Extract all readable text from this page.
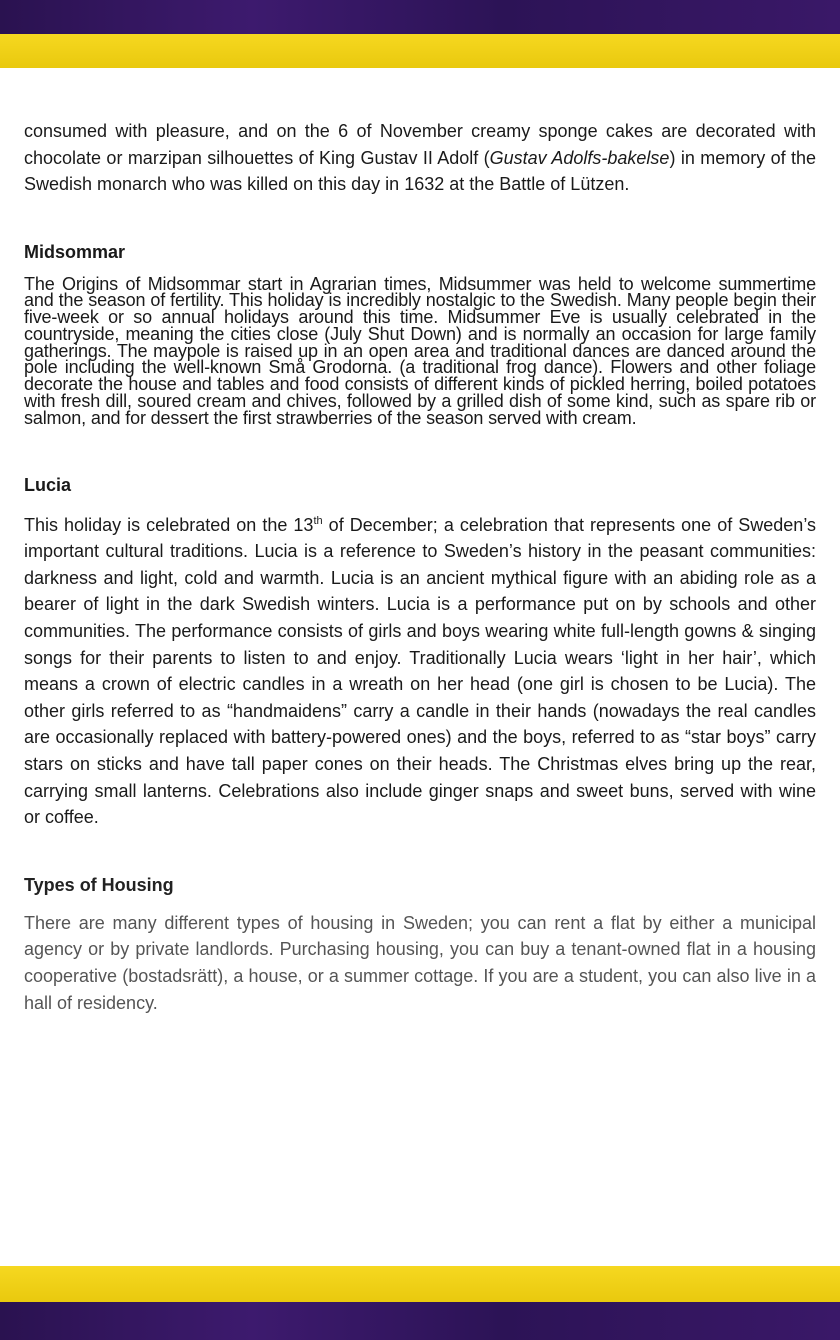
consumed with pleasure, and on the 6 of November creamy sponge cakes are decorated with chocolate or marzipan silhouettes of King Gustav II Adolf (Gustav Adolfs-bakelse) in memory of the Swedish monarch who was killed on this day in 1632 at the Battle of Lützen.

Midsommar

The Origins of Midsommar start in Agrarian times, Midsummer was held to welcome summertime and the season of fertility. This holiday is incredibly nostalgic to the Swedish. Many people begin their five-week or so annual holidays around this time. Midsummer Eve is usually celebrated in the countryside, meaning the cities close (July Shut Down) and is normally an occasion for large family gatherings. The maypole is raised up in an open area and traditional dances are danced around the pole including the well-known Små Grodorna. (a traditional frog dance). Flowers and other foliage decorate the house and tables and food consists of different kinds of pickled herring, boiled potatoes with fresh dill, soured cream and chives, followed by a grilled dish of some kind, such as spare rib or salmon, and for dessert the first strawberries of the season served with cream.

Lucia

This holiday is celebrated on the 13th of December; a celebration that represents one of Sweden’s important cultural traditions. Lucia is a reference to Sweden’s history in the peasant communities: darkness and light, cold and warmth. Lucia is an ancient mythical figure with an abiding role as a bearer of light in the dark Swedish winters. Lucia is a performance put on by schools and other communities. The performance consists of girls and boys wearing white full-length gowns & singing songs for their parents to listen to and enjoy. Traditionally Lucia wears ‘light in her hair’, which means a crown of electric candles in a wreath on her head (one girl is chosen to be Lucia). The other girls referred to as “handmaidens” carry a candle in their hands (nowadays the real candles are occasionally replaced with battery-powered ones) and the boys, referred to as “star boys” carry stars on sticks and have tall paper cones on their heads. The Christmas elves bring up the rear, carrying small lanterns. Celebrations also include ginger snaps and sweet buns, served with wine or coffee.

Types of Housing

There are many different types of housing in Sweden; you can rent a flat by either a municipal agency or by private landlords. Purchasing housing, you can buy a tenant-owned flat in a housing cooperative (bostadsrätt), a house, or a summer cottage. If you are a student, you can also live in a hall of residency.
